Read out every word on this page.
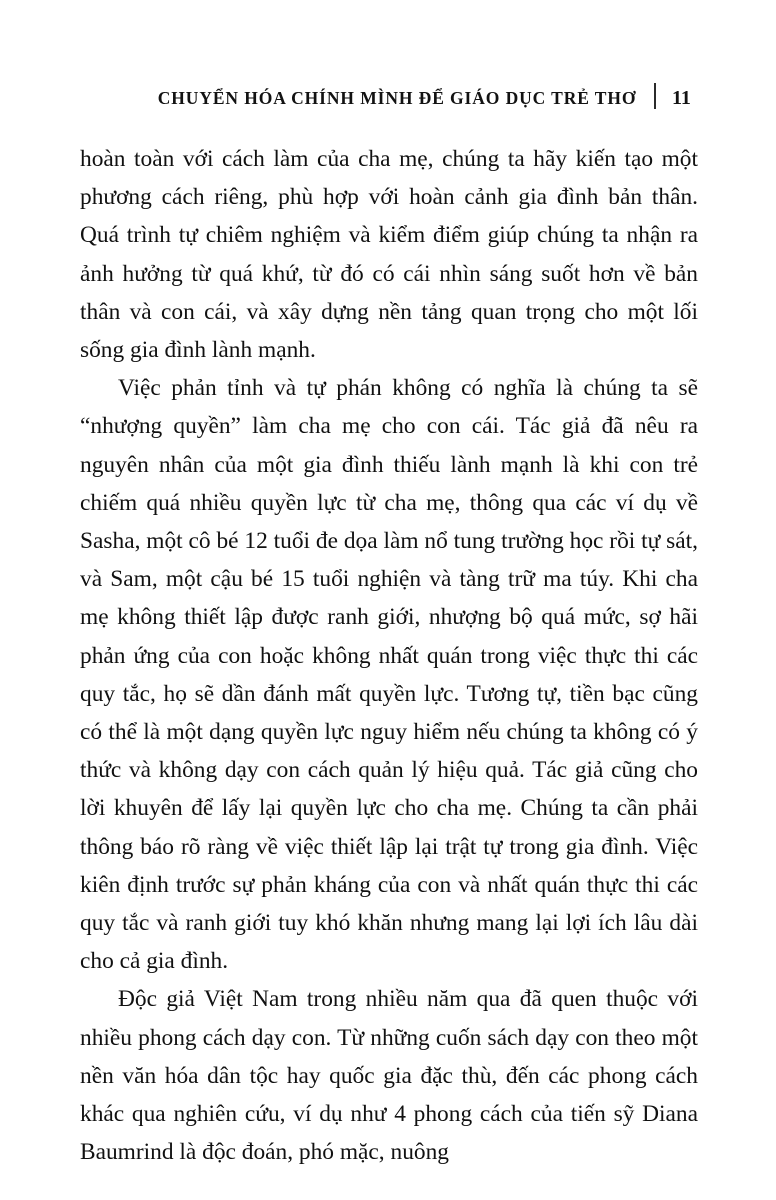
CHUYỂN HÓA CHÍNH MÌNH ĐỂ GIÁO DỤC TRẺ THƠ 11

hoàn toàn với cách làm của cha mẹ, chúng ta hãy kiến tạo một phương cách riêng, phù hợp với hoàn cảnh gia đình bản thân. Quá trình tự chiêm nghiệm và kiểm điểm giúp chúng ta nhận ra ảnh hưởng từ quá khứ, từ đó có cái nhìn sáng suốt hơn về bản thân và con cái, và xây dựng nền tảng quan trọng cho một lối sống gia đình lành mạnh.

Việc phản tỉnh và tự phán không có nghĩa là chúng ta sẽ “nhượng quyền” làm cha mẹ cho con cái. Tác giả đã nêu ra nguyên nhân của một gia đình thiếu lành mạnh là khi con trẻ chiếm quá nhiều quyền lực từ cha mẹ, thông qua các ví dụ về Sasha, một cô bé 12 tuổi đe dọa làm nổ tung trường học rồi tự sát, và Sam, một cậu bé 15 tuổi nghiện và tàng trữ ma túy. Khi cha mẹ không thiết lập được ranh giới, nhượng bộ quá mức, sợ hãi phản ứng của con hoặc không nhất quán trong việc thực thi các quy tắc, họ sẽ dần đánh mất quyền lực. Tương tự, tiền bạc cũng có thể là một dạng quyền lực nguy hiểm nếu chúng ta không có ý thức và không dạy con cách quản lý hiệu quả. Tác giả cũng cho lời khuyên để lấy lại quyền lực cho cha mẹ. Chúng ta cần phải thông báo rõ ràng về việc thiết lập lại trật tự trong gia đình. Việc kiên định trước sự phản kháng của con và nhất quán thực thi các quy tắc và ranh giới tuy khó khăn nhưng mang lại lợi ích lâu dài cho cả gia đình.

Độc giả Việt Nam trong nhiều năm qua đã quen thuộc với nhiều phong cách dạy con. Từ những cuốn sách dạy con theo một nền văn hóa dân tộc hay quốc gia đặc thù, đến các phong cách khác qua nghiên cứu, ví dụ như 4 phong cách của tiến sỹ Diana Baumrind là độc đoán, phó mặc, nuông
